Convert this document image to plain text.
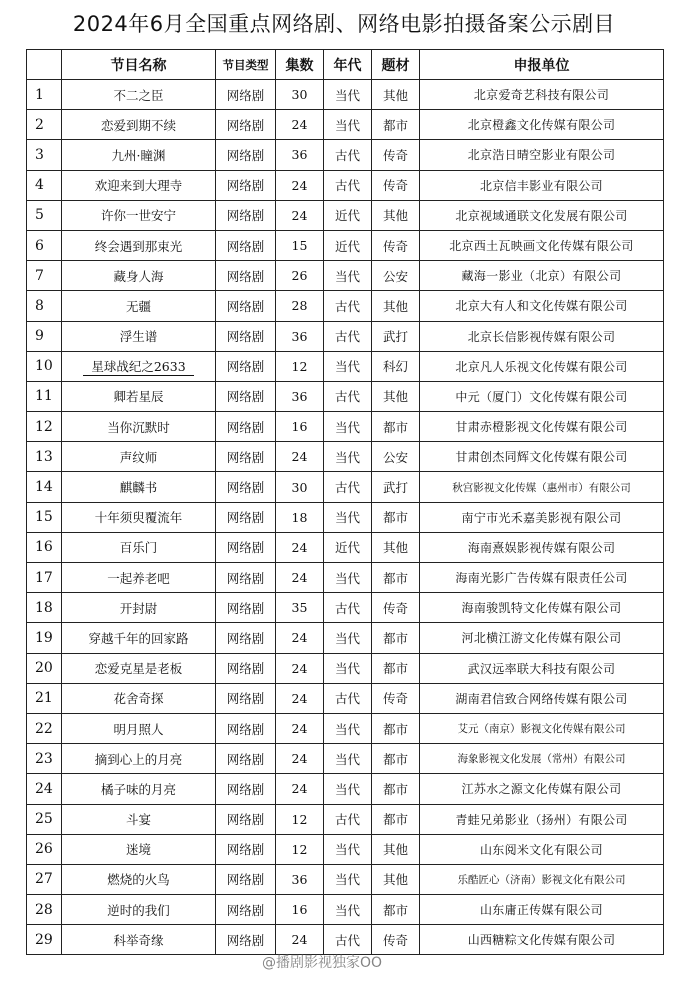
2024年6月全国重点网络剧、网络电影拍摄备案公示剧目
	节目名称	节目类型	集数	年代	题材	申报单位
1	不二之臣	网络剧	30	当代	其他	北京爱奇艺科技有限公司
2	恋爱到期不续	网络剧	24	当代	都市	北京橙鑫文化传媒有限公司
3	九州·瞳渊	网络剧	36	古代	传奇	北京浩日晴空影业有限公司
4	欢迎来到大理寺	网络剧	24	古代	传奇	北京信丰影业有限公司
5	许你一世安宁	网络剧	24	近代	其他	北京视域通联文化发展有限公司
6	终会遇到那束光	网络剧	15	近代	传奇	北京西土瓦映画文化传媒有限公司
7	藏身人海	网络剧	26	当代	公安	藏海一影业（北京）有限公司
8	无疆	网络剧	28	古代	其他	北京大有人和文化传媒有限公司
9	浮生谱	网络剧	36	古代	武打	北京长信影视传媒有限公司
10	星球战纪之2633	网络剧	12	当代	科幻	北京凡人乐视文化传媒有限公司
11	卿若星辰	网络剧	36	古代	其他	中元（厦门）文化传媒有限公司
12	当你沉默时	网络剧	16	当代	都市	甘肃赤橙影视文化传媒有限公司
13	声纹师	网络剧	24	当代	公安	甘肃创杰同辉文化传媒有限公司
14	麒麟书	网络剧	30	古代	武打	秋宫影视文化传媒（惠州市）有限公司
15	十年须臾覆流年	网络剧	18	当代	都市	南宁市光禾嘉美影视有限公司
16	百乐门	网络剧	24	近代	其他	海南熹娱影视传媒有限公司
17	一起养老吧	网络剧	24	当代	都市	海南光影广告传媒有限责任公司
18	开封尉	网络剧	35	古代	传奇	海南骏凯特文化传媒有限公司
19	穿越千年的回家路	网络剧	24	当代	都市	河北横江游文化传媒有限公司
20	恋爱克星是老板	网络剧	24	当代	都市	武汉远率联大科技有限公司
21	花舍奇探	网络剧	24	古代	传奇	湖南君信致合网络传媒有限公司
22	明月照人	网络剧	24	当代	都市	艾元（南京）影视文化传媒有限公司
23	摘到心上的月亮	网络剧	24	当代	都市	海象影视文化发展（常州）有限公司
24	橘子味的月亮	网络剧	24	当代	都市	江苏水之源文化传媒有限公司
25	斗宴	网络剧	12	古代	都市	青蛙兄弟影业（扬州）有限公司
26	迷境	网络剧	12	当代	其他	山东阅米文化有限公司
27	燃烧的火鸟	网络剧	36	当代	其他	乐酷匠心（济南）影视文化有限公司
28	逆时的我们	网络剧	16	当代	都市	山东庸正传媒有限公司
29	科举奇缘	网络剧	24	古代	传奇	山西糖粽文化传媒有限公司
@播剧影视独家OO
